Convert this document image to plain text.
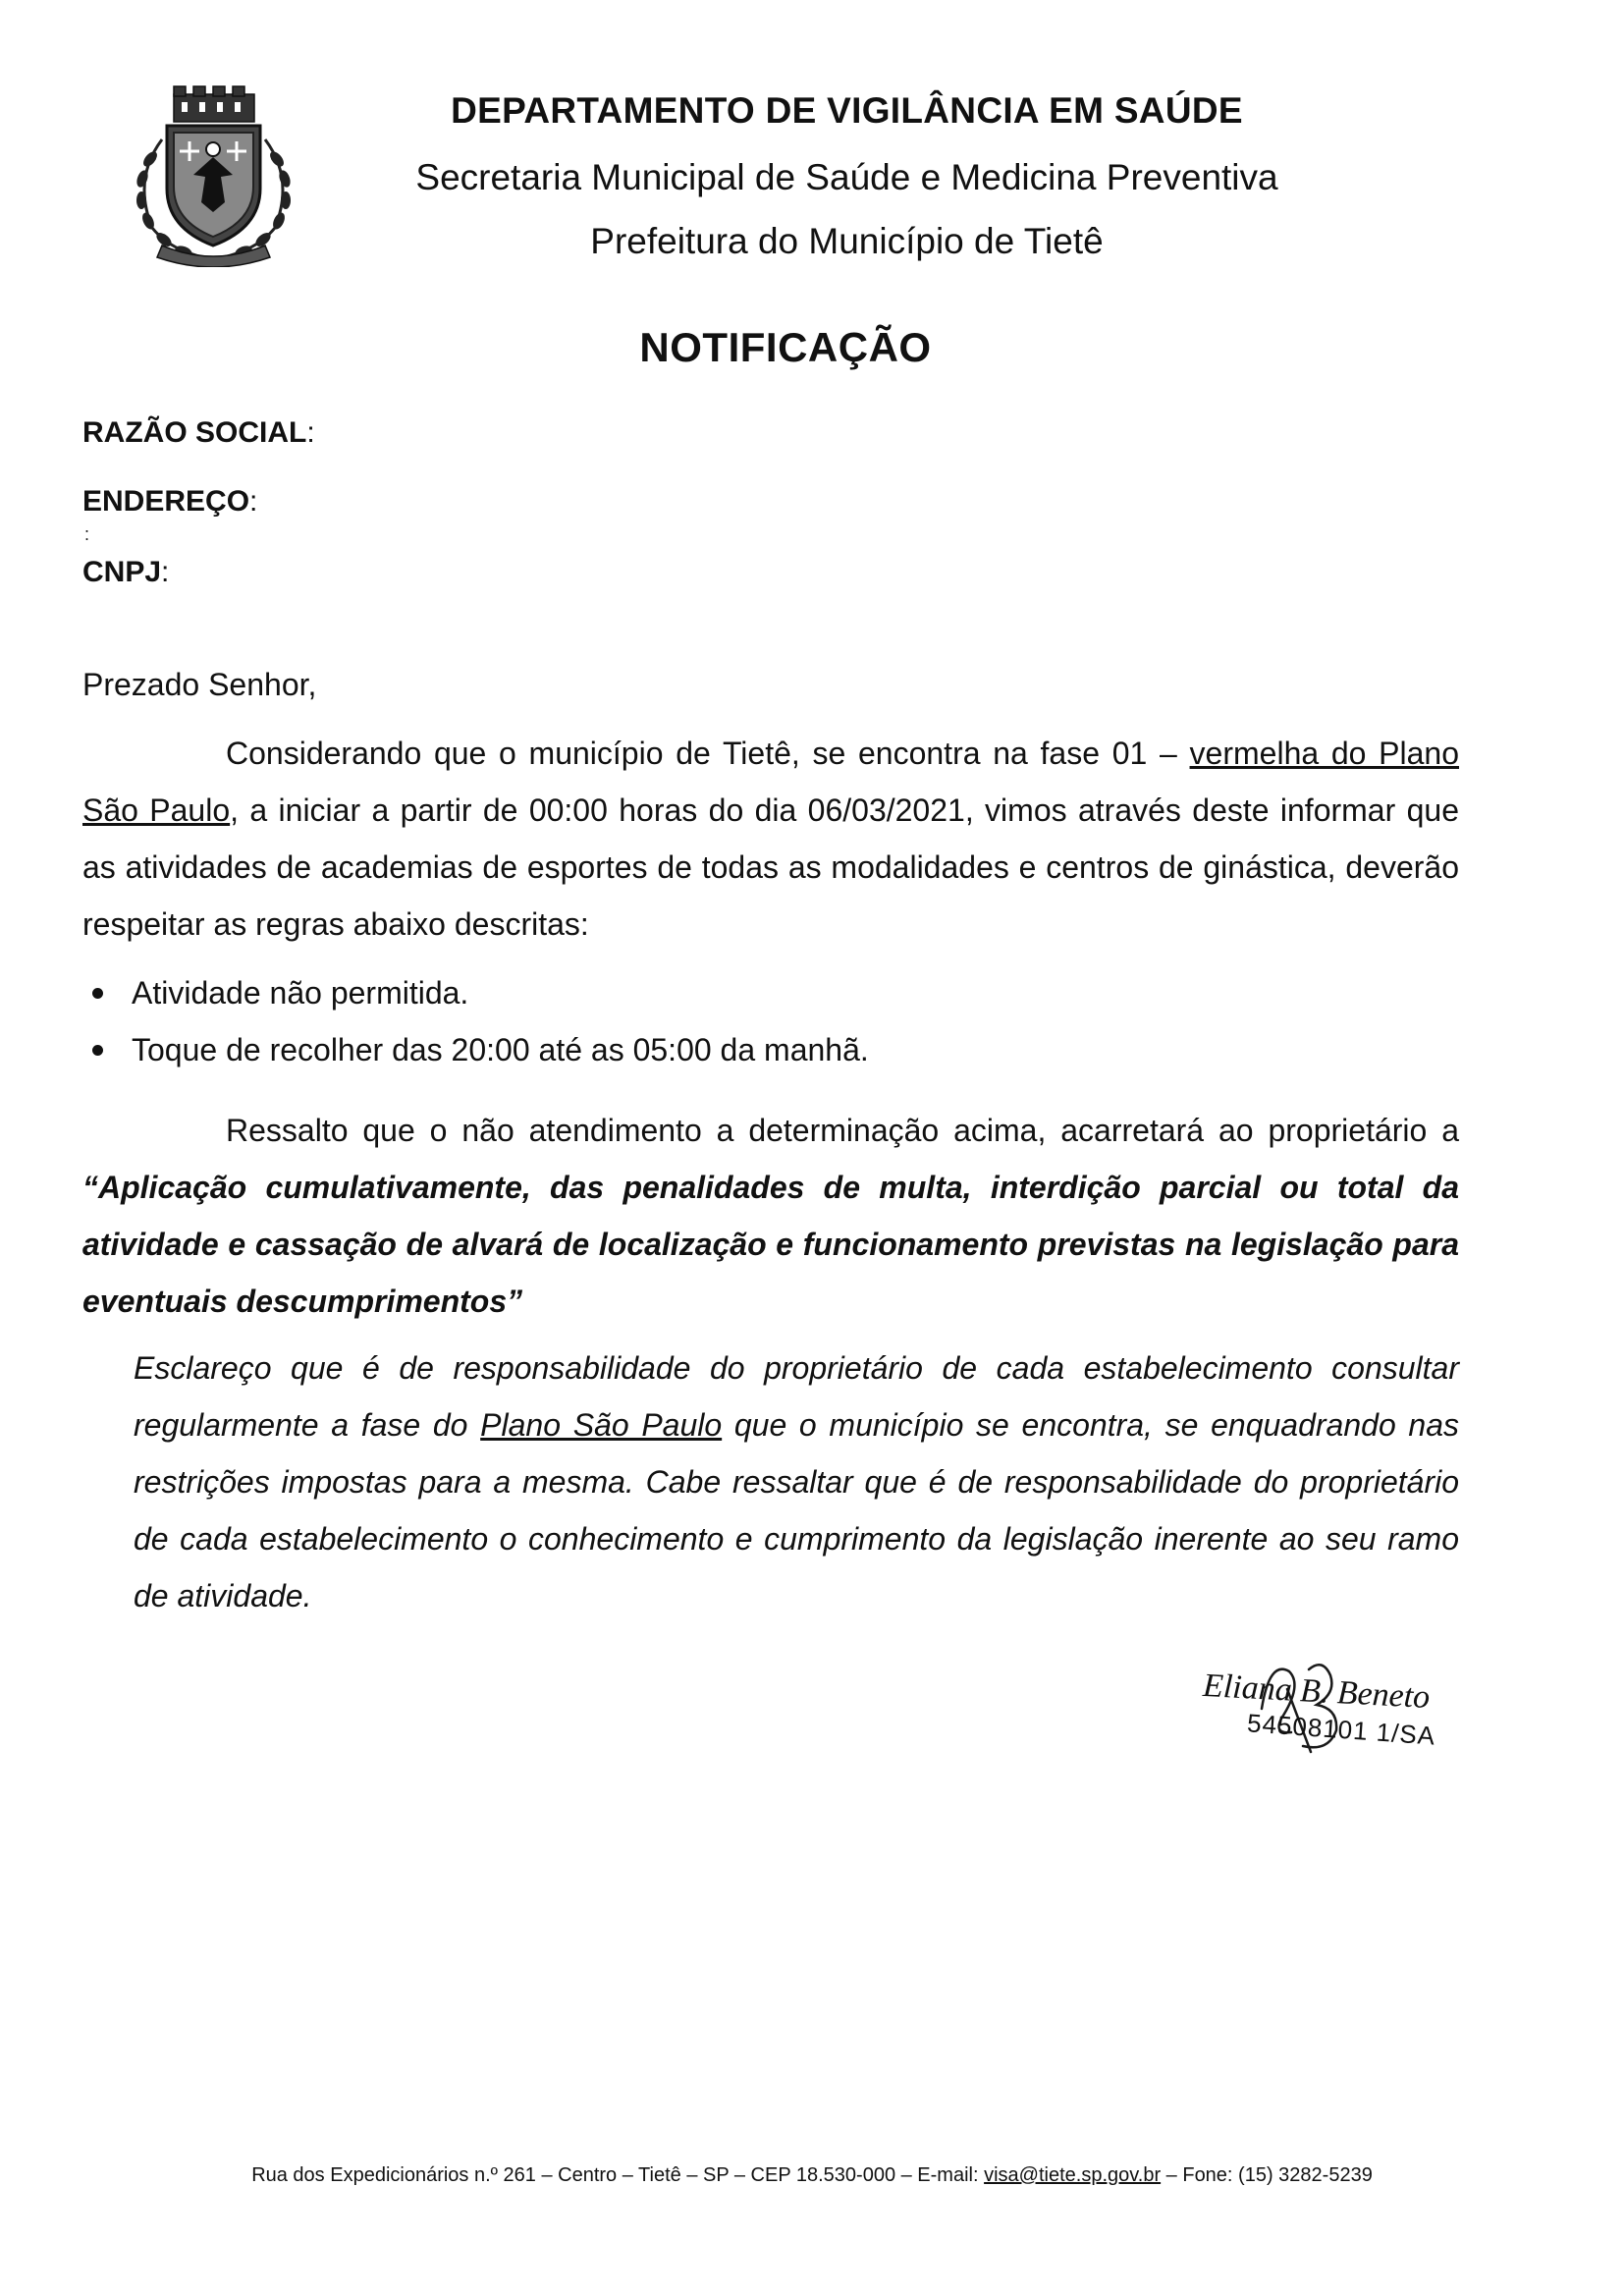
DEPARTAMENTO DE VIGILÂNCIA EM SAÚDE
Secretaria Municipal de Saúde e Medicina Preventiva
Prefeitura do Município de Tietê
NOTIFICAÇÃO
RAZÃO SOCIAL:
ENDEREÇO:
:
CNPJ:
Prezado Senhor,
Considerando que o município de Tietê, se encontra na fase 01 – vermelha do Plano São Paulo, a iniciar a partir de 00:00 horas do dia 06/03/2021, vimos através deste informar que as atividades de academias de esportes de todas as modalidades e centros de ginástica, deverão respeitar as regras abaixo descritas:
Atividade não permitida.
Toque de recolher das 20:00 até as 05:00 da manhã.
Ressalto que o não atendimento a determinação acima, acarretará ao proprietário a “Aplicação cumulativamente, das penalidades de multa, interdição parcial ou total da atividade e cassação de alvará de localização e funcionamento previstas na legislação para eventuais descumprimentos”
Esclareço que é de responsabilidade do proprietário de cada estabelecimento consultar regularmente a fase do Plano São Paulo que o município se encontra, se enquadrando nas restrições impostas para a mesma. Cabe ressaltar que é de responsabilidade do proprietário de cada estabelecimento o conhecimento e cumprimento da legislação inerente ao seu ramo de atividade.
Eliana B. Beneto
54508101 1/SA
Rua dos Expedicionários n.º 261 – Centro – Tietê – SP – CEP 18.530-000 – E-mail: visa@tiete.sp.gov.br – Fone: (15) 3282-5239
